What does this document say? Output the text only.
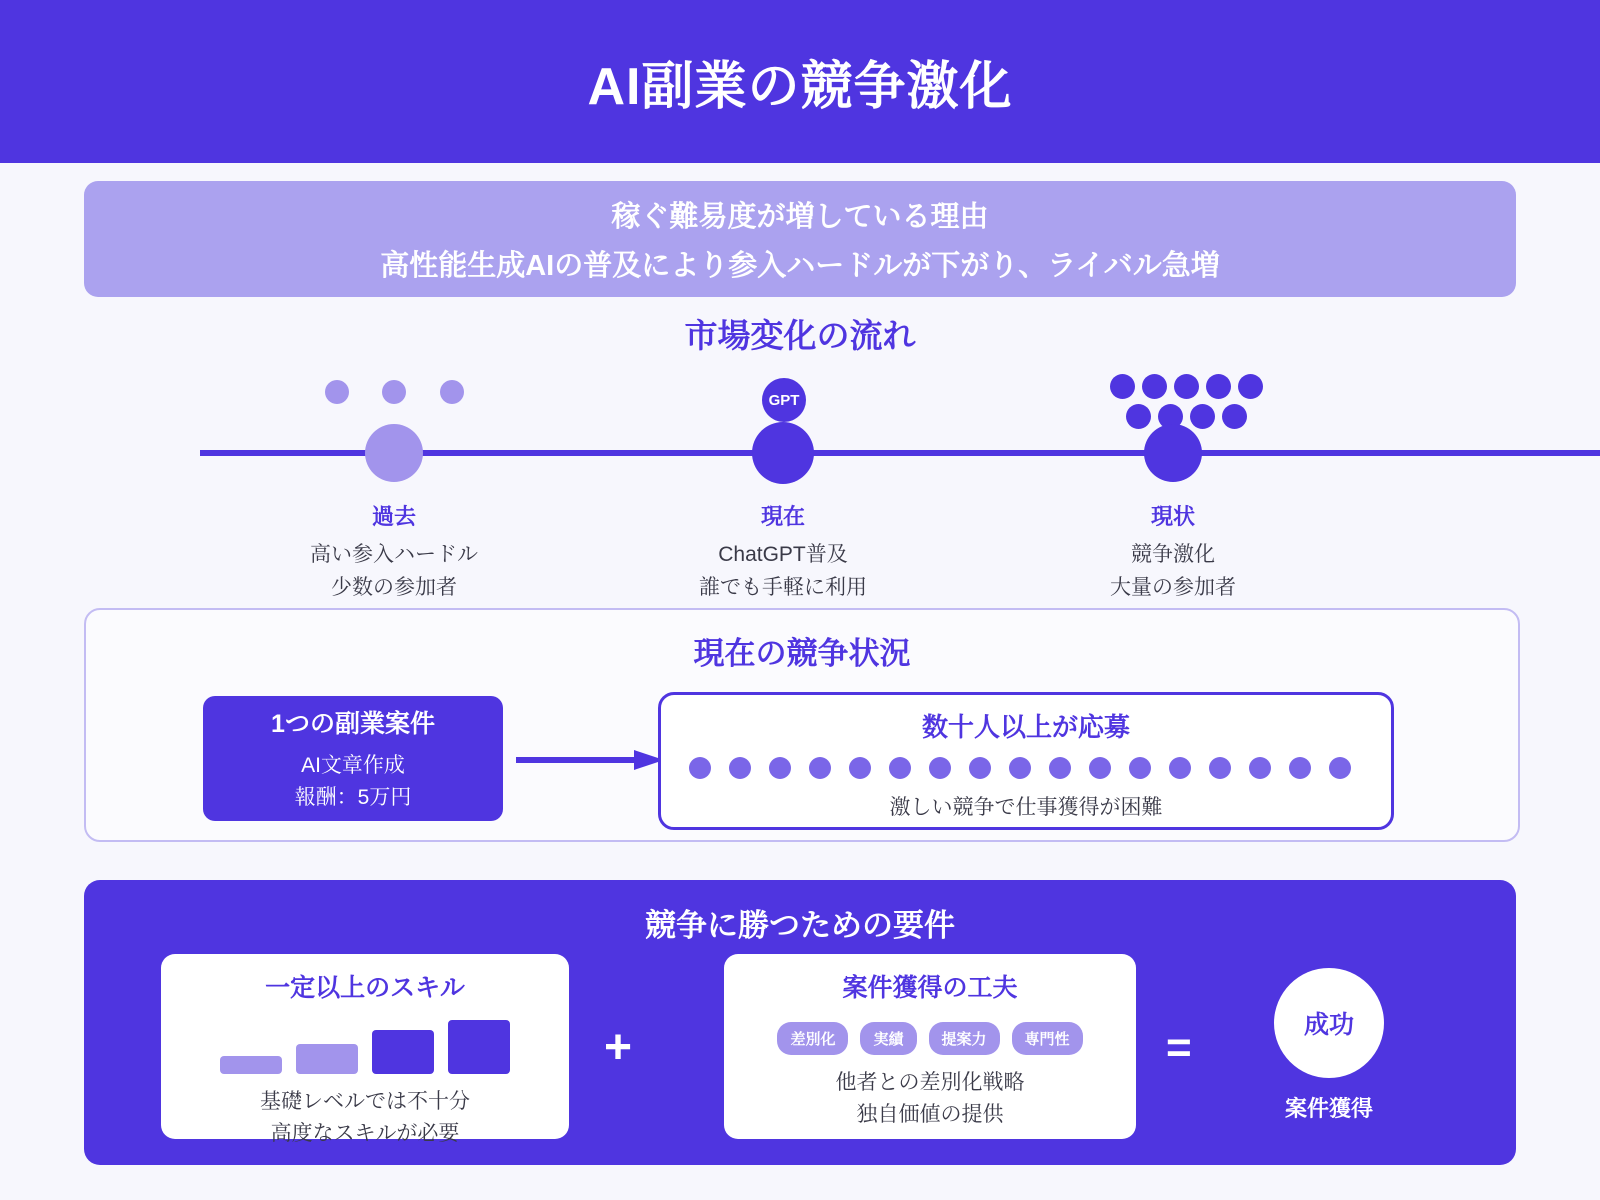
AI副業の競争激化
稼ぐ難易度が増している理由
高性能生成AIの普及により参入ハードルが下がり、ライバル急増
市場変化の流れ
GPT
過去
高い参入ハードル
少数の参加者
現在
ChatGPT普及
誰でも手軽に利用
現状
競争激化
大量の参加者
現在の競争状況
1つの副業案件
AI文章作成
報酬：5万円
数十人以上が応募
激しい競争で仕事獲得が困難
競争に勝つための要件
一定以上のスキル
基礎レベルでは不十分
高度なスキルが必要
+
案件獲得の工夫
差別化	実績	提案力	専門性
他者との差別化戦略
独自価値の提供
=	成功
案件獲得
